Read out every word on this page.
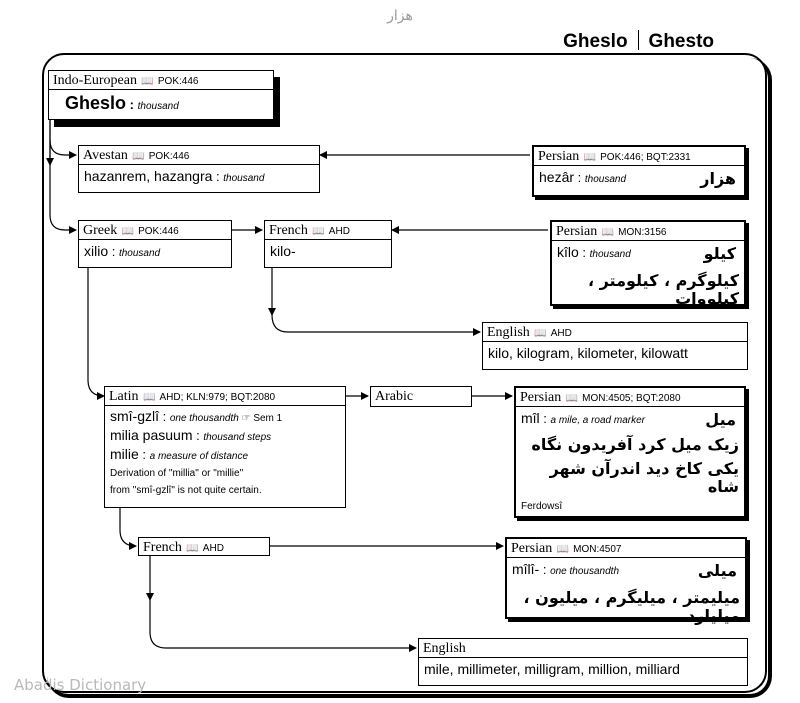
هزار
Gheslo Ghesto
Indo-European 📖 POK:446
Gheslo : thousand
Avestan 📖 POK:446
hazanrem, hazangra : thousand
Persian 📖 POK:446; BQT:2331
hezâr : thousand	هزار
Greek 📖 POK:446
xilio : thousand
French 📖 AHD
kilo-
Persian 📖 MON:3156
kîlo : thousand	کیلو
کیلوگرم ، کیلومتر ، کیلووات
English 📖 AHD
kilo, kilogram, kilometer, kilowatt
Latin 📖 AHD; KLN:979; BQT:2080
smî-gzlî : one thousandth ☞ Sem 1
milia pasuum : thousand steps
milie : a measure of distance
Derivation of "millia" or "millie"
from "smî-gzlî" is not quite certain.
Arabic	Persian 📖 MON:4505; BQT:2080
mîl : a mile, a road marker	میل
زیک میل کرد آفریدون نگاه
یکی کاخ دید اندرآن شهر شاه
Ferdowsî
French 📖 AHD	Persian 📖 MON:4507
mîlî- : one thousandth	میلی
میلیمتر ، میلیگرم ، میلیون ، میلیارد
English
mile, millimeter, milligram, million, milliard
Abadis Dictionary
